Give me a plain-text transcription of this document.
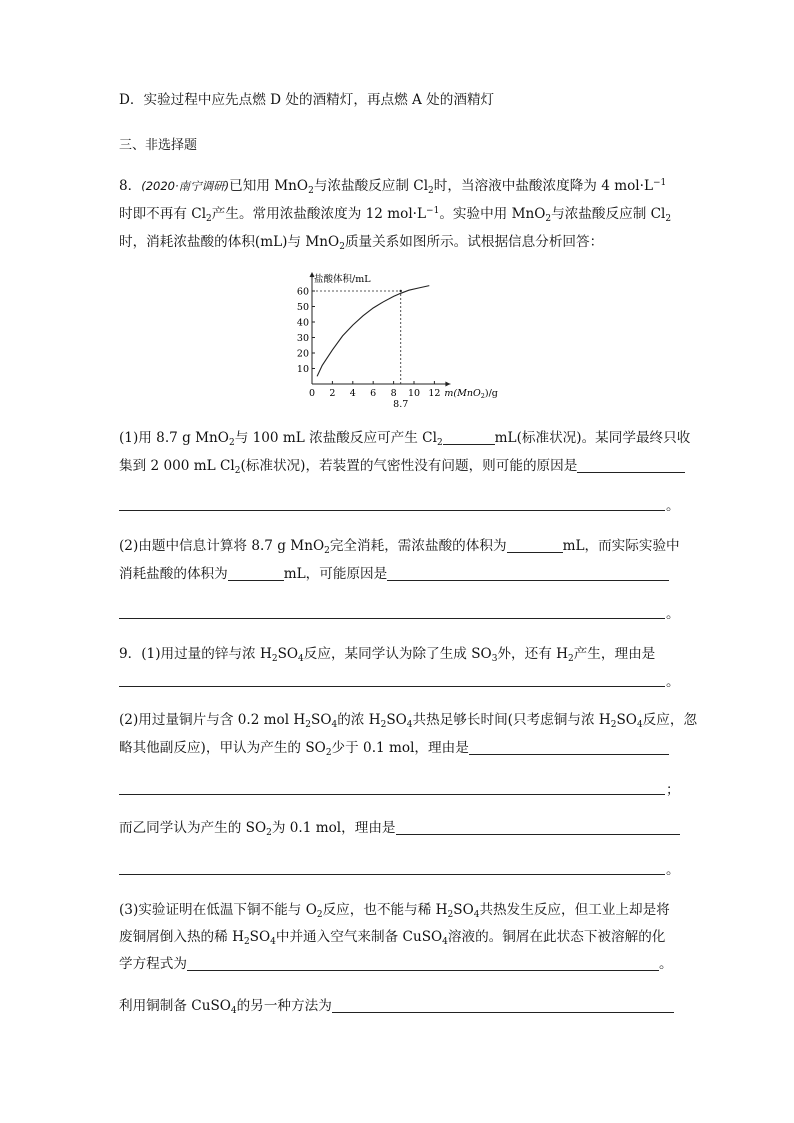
D．实验过程中应先点燃 D 处的酒精灯，再点燃 A 处的酒精灯
三、非选择题
8．(2020·南宁调研)已知用 MnO$_2$与浓盐酸反应制 $Cl_2$时，当溶液中盐酸浓度降为 4 $mol\cdot L^{-1}$
时即不再有 $Cl_2$产生。常用浓盐酸浓度为 12 $mol\cdot L^{-1}$。实验中用 MnO$_2$与浓盐酸反应制 $Cl_2$
时，消耗浓盐酸的体积(mL)与 MnO$_2$质量关系如图所示。试根据信息分析回答：
盐酸体积/mL
10
20
30
40
50
60
0 2 4 6 8 10 12 m(MnO$_2$)/g
8.7
(1)用 8.7 g MnO$_2$与 100 mL 浓盐酸反应可产生 $Cl_2$	mL(标准状况)。某同学最终只收
集到 2 000 mL $Cl_2$(标准状况)，若装置的气密性没有问题，则可能的原因是
。
(2)由题中信息计算将 8.7 g MnO$_2$完全消耗，需浓盐酸的体积为	mL，而实际实验中
消耗盐酸的体积为	mL，可能原因是
。
9．(1)用过量的锌与浓 $H_2SO_4$反应，某同学认为除了生成 $SO_3$外，还有 $H_2$产生，理由是
。
(2)用过量铜片与含 0.2 mol $H_2SO_4$的浓 $H_2SO_4$共热足够长时间(只考虑铜与浓 $H_2SO_4$反应，忽
略其他副反应)，甲认为产生的 $SO_2$少于 0.1 mol，理由是
；
而乙同学认为产生的 $SO_2$为 0.1 mol，理由是
。
(3)实验证明在低温下铜不能与 $O_2$反应，也不能与稀 $H_2SO_4$共热发生反应，但工业上却是将
废铜屑倒入热的稀 $H_2SO_4$中并通入空气来制备 CuSO$_4$溶液的。铜屑在此状态下被溶解的化
学方程式为	。
利用铜制备 CuSO$_4$的另一种方法为
